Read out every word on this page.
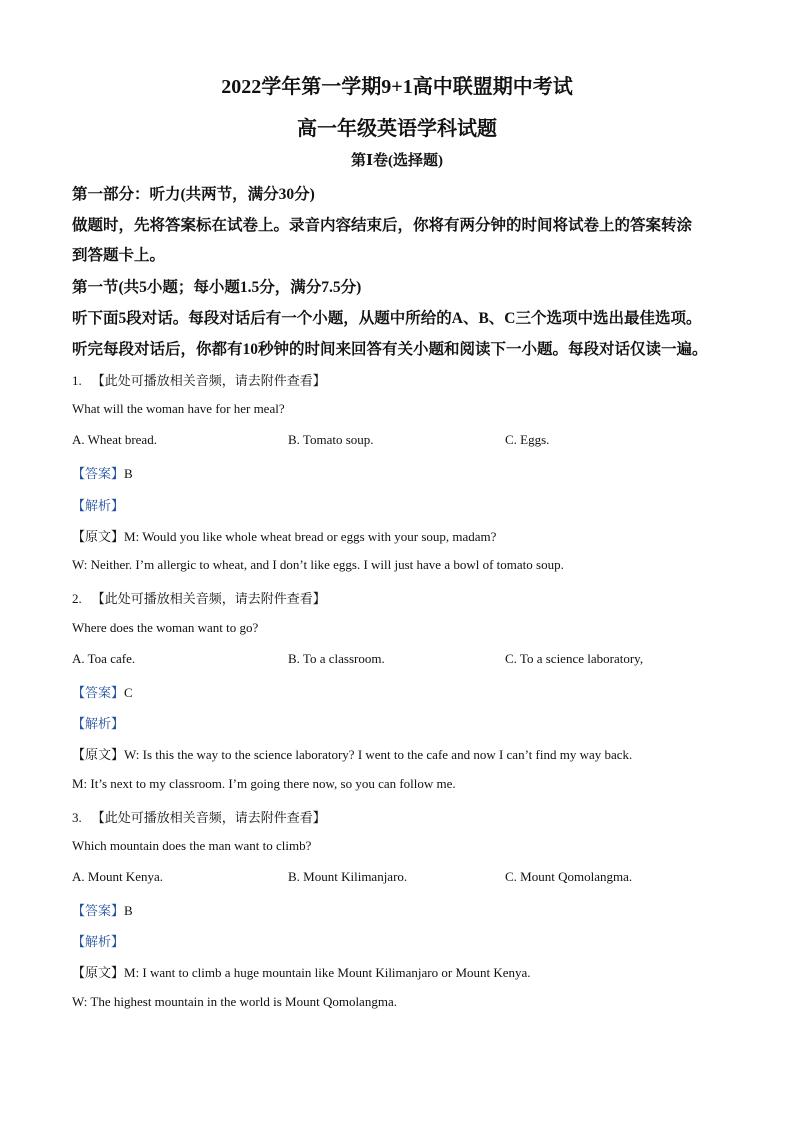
2022学年第一学期9+1高中联盟期中考试
高一年级英语学科试题
第Ⅰ卷(选择题)
第一部分：听力(共两节，满分30分)
做题时，先将答案标在试卷上。录音内容结束后，你将有两分钟的时间将试卷上的答案转涂
到答题卡上。
第一节(共5小题；每小题1.5分，满分7.5分)
听下面5段对话。每段对话后有一个小题，从题中所给的A、B、C三个选项中选出最佳选项。
听完每段对话后，你都有10秒钟的时间来回答有关小题和阅读下一小题。每段对话仅读一遍。
1. 【此处可播放相关音频，请去附件查看】
What will the woman have for her meal?
A. Wheat bread.	B. Tomato soup.	C. Eggs.
【答案】B
【解析】
【原文】M: Would you like whole wheat bread or eggs with your soup, madam?
W: Neither. I’m allergic to wheat, and I don’t like eggs. I will just have a bowl of tomato soup.
2. 【此处可播放相关音频，请去附件查看】
Where does the woman want to go?
A. Toa cafe.	B. To a classroom.	C. To a science laboratory,
【答案】C
【解析】
【原文】W: Is this the way to the science laboratory? I went to the cafe and now I can’t find my way back.
M: It’s next to my classroom. I’m going there now, so you can follow me.
3. 【此处可播放相关音频，请去附件查看】
Which mountain does the man want to climb?
A. Mount Kenya.	B. Mount Kilimanjaro.	C. Mount Qomolangma.
【答案】B
【解析】
【原文】M: I want to climb a huge mountain like Mount Kilimanjaro or Mount Kenya.
W: The highest mountain in the world is Mount Qomolangma.
